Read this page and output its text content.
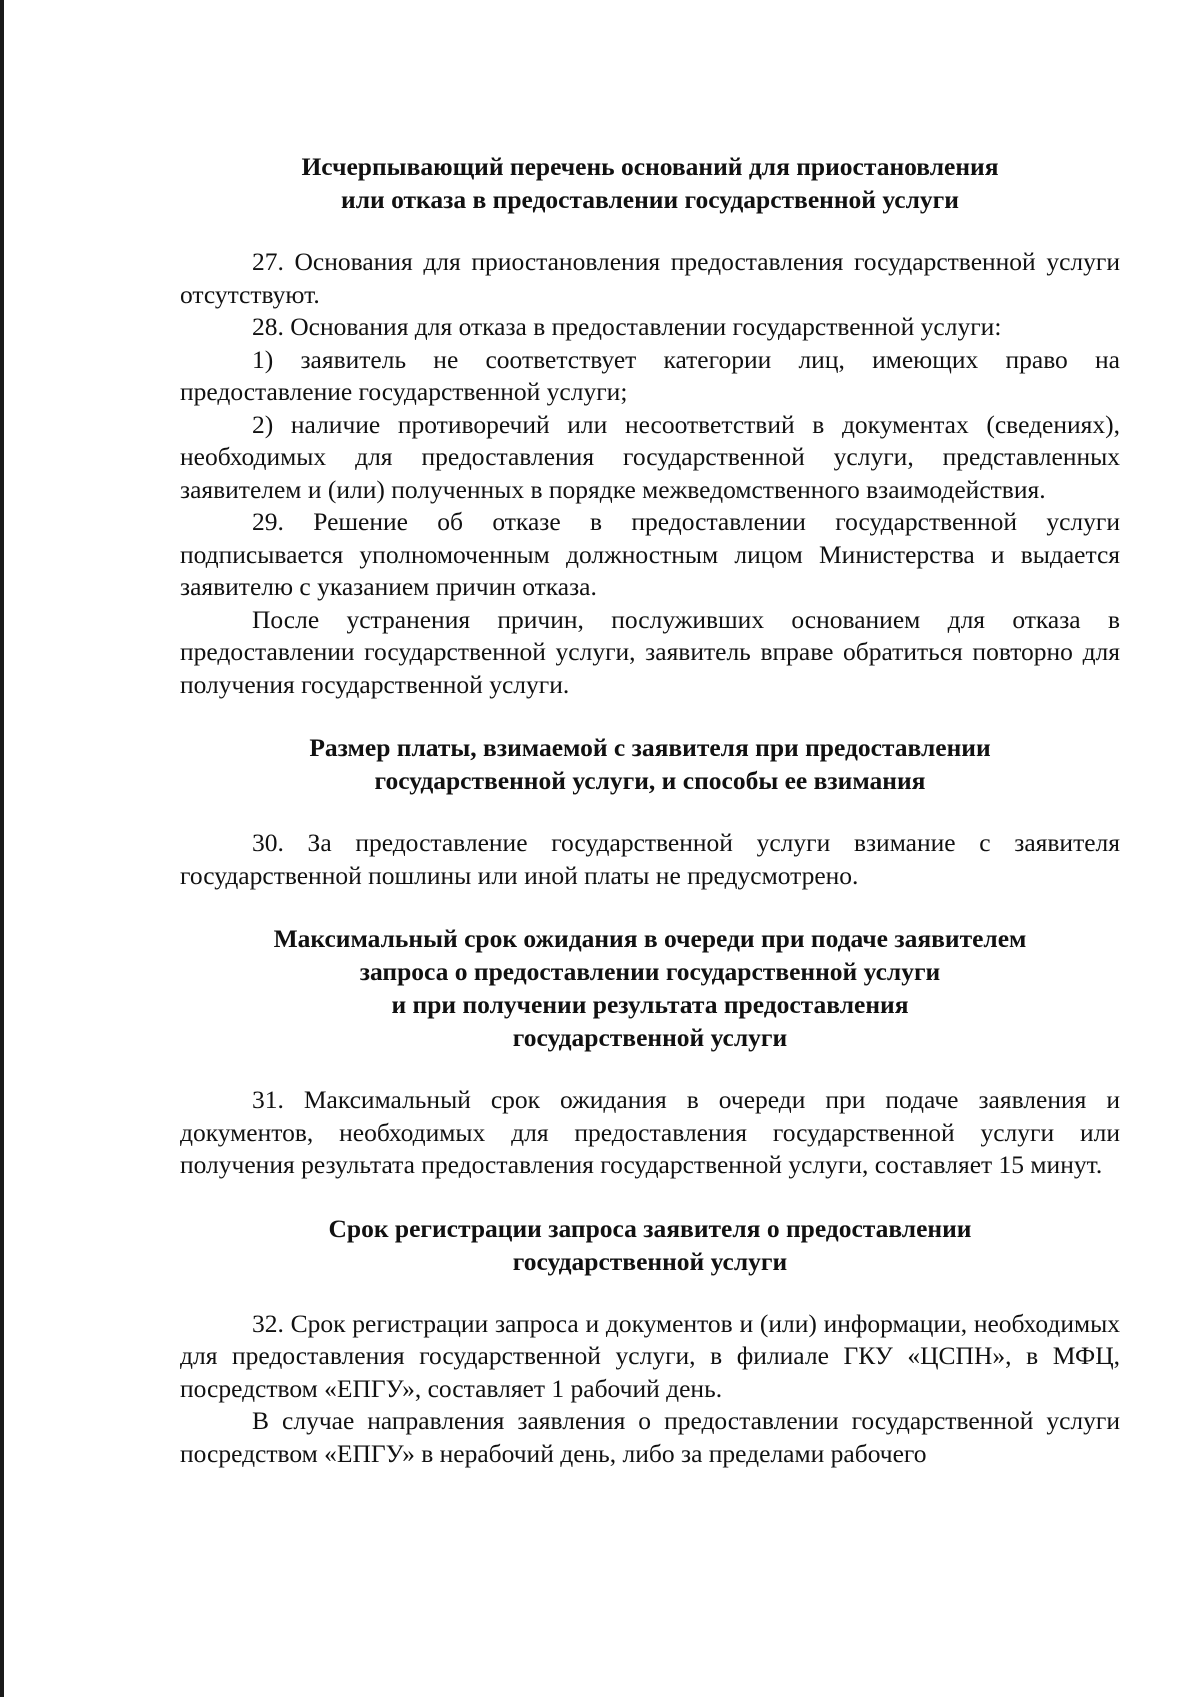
Исчерпывающий перечень оснований для приостановления
или отказа в предоставлении государственной услуги

27. Основания для приостановления предоставления государственной услуги отсутствуют.

28. Основания для отказа в предоставлении государственной услуги:

1) заявитель не соответствует категории лиц, имеющих право на предоставление государственной услуги;

2) наличие противоречий или несоответствий в документах (сведениях), необходимых для предоставления государственной услуги, представленных заявителем и (или) полученных в порядке межведомственного взаимодействия.

29. Решение об отказе в предоставлении государственной услуги подписывается уполномоченным должностным лицом Министерства и выдается заявителю с указанием причин отказа.

После устранения причин, послуживших основанием для отказа в предоставлении государственной услуги, заявитель вправе обратиться повторно для получения государственной услуги.

Размер платы, взимаемой с заявителя при предоставлении
государственной услуги, и способы ее взимания

30. За предоставление государственной услуги взимание с заявителя государственной пошлины или иной платы не предусмотрено.

Максимальный срок ожидания в очереди при подаче заявителем
запроса о предоставлении государственной услуги
и при получении результата предоставления
государственной услуги

31. Максимальный срок ожидания в очереди при подаче заявления и документов, необходимых для предоставления государственной услуги или получения результата предоставления государственной услуги, составляет 15 минут.

Срок регистрации запроса заявителя о предоставлении
государственной услуги

32. Срок регистрации запроса и документов и (или) информации, необходимых для предоставления государственной услуги, в филиале ГКУ «ЦСПН», в МФЦ, посредством «ЕПГУ», составляет 1 рабочий день.

В случае направления заявления о предоставлении государственной услуги посредством «ЕПГУ» в нерабочий день, либо за пределами рабочего
